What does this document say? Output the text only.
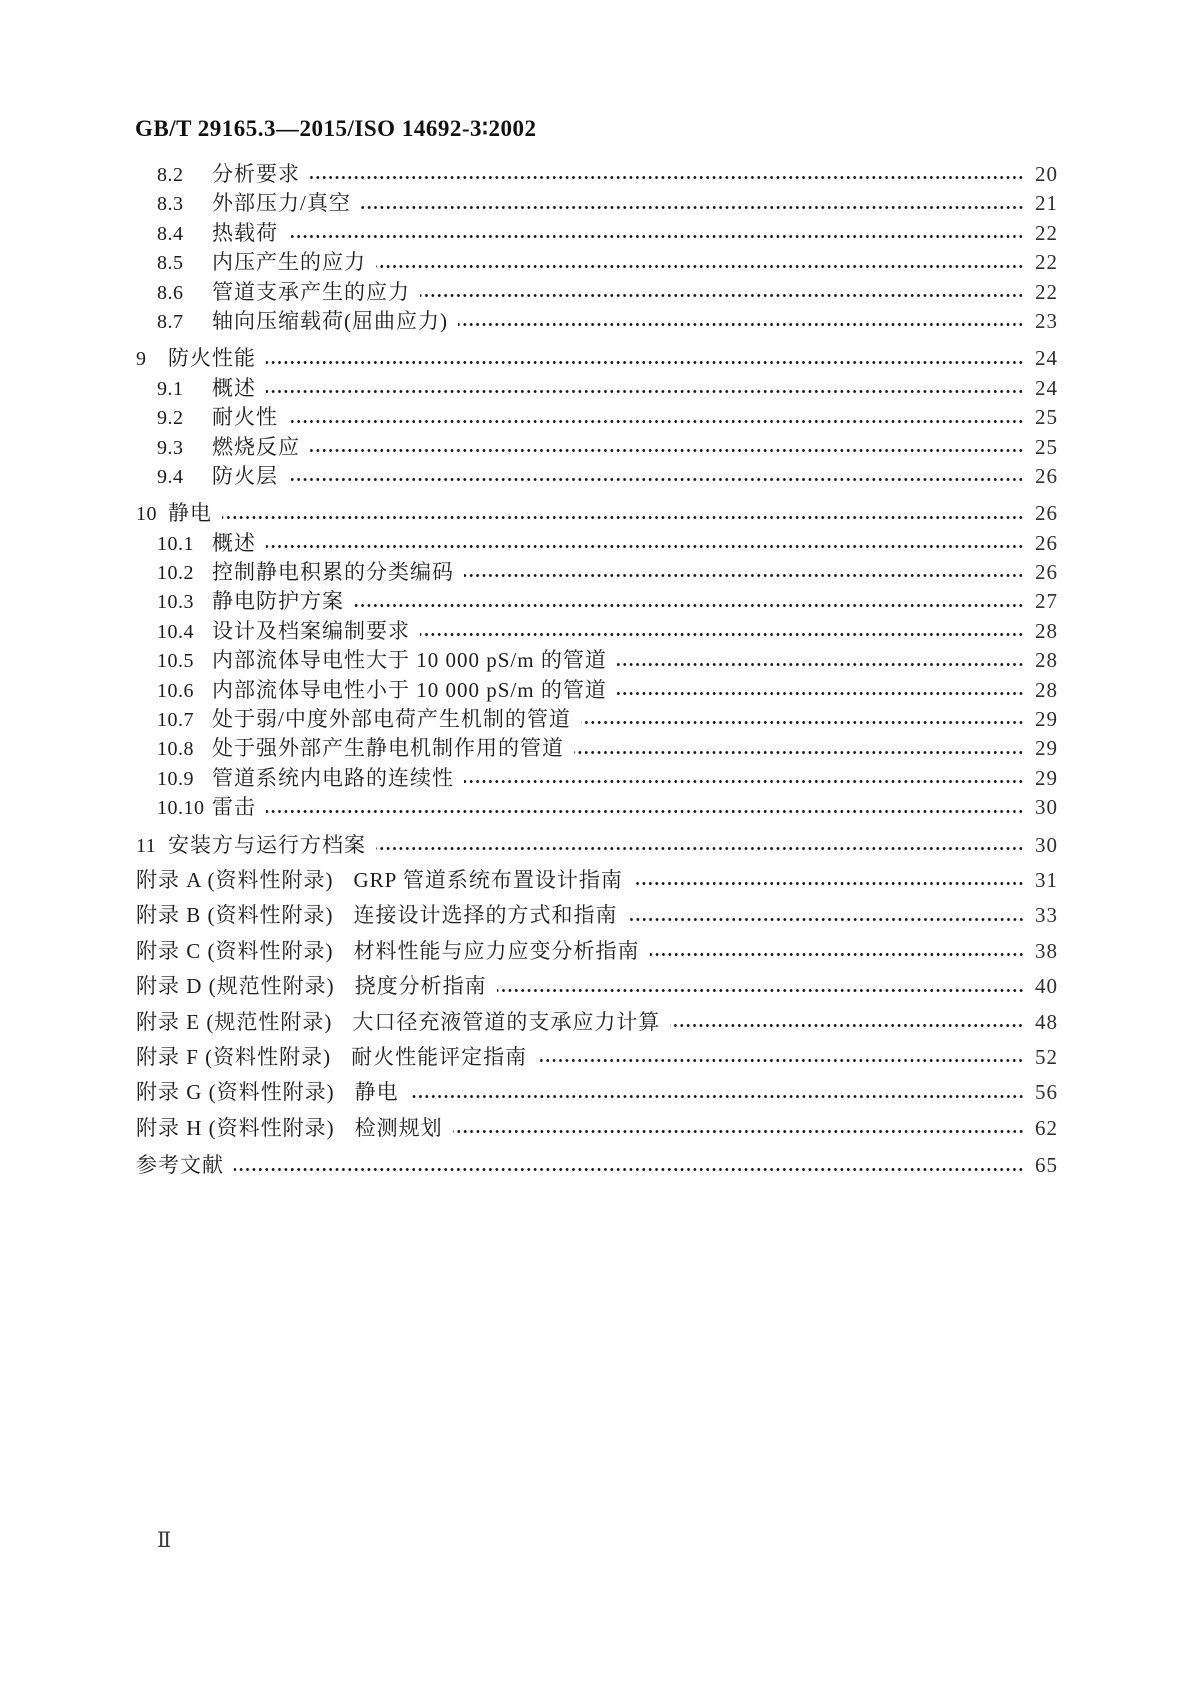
GB/T 29165.3—2015/ISO 14692-3∶2002
8.2	分析要求	20
8.3	外部压力/真空	21
8.4	热载荷	22
8.5	内压产生的应力	22
8.6	管道支承产生的应力	22
8.7	轴向压缩载荷(屈曲应力)	23
9	防火性能	24
9.1	概述	24
9.2	耐火性	25
9.3	燃烧反应	25
9.4	防火层	26
10 静电	26
10.1 概述	26
10.2 控制静电积累的分类编码	26
10.3 静电防护方案	27
10.4 设计及档案编制要求	28
10.5 内部流体导电性大于 10 000 pS/m 的管道	28
10.6 内部流体导电性小于 10 000 pS/m 的管道	28
10.7 处于弱/中度外部电荷产生机制的管道	29
10.8 处于强外部产生静电机制作用的管道	29
10.9 管道系统内电路的连续性	29
10.10 雷击	30
11 安装方与运行方档案	30
附录 A (资料性附录) GRP 管道系统布置设计指南	31
附录 B (资料性附录) 连接设计选择的方式和指南	33
附录 C (资料性附录) 材料性能与应力应变分析指南	38
附录 D (规范性附录) 挠度分析指南	40
附录 E (规范性附录) 大口径充液管道的支承应力计算	48
附录 F (资料性附录) 耐火性能评定指南	52
附录 G (资料性附录) 静电	56
附录 H (资料性附录) 检测规划	62
参考文献	65
Ⅱ
